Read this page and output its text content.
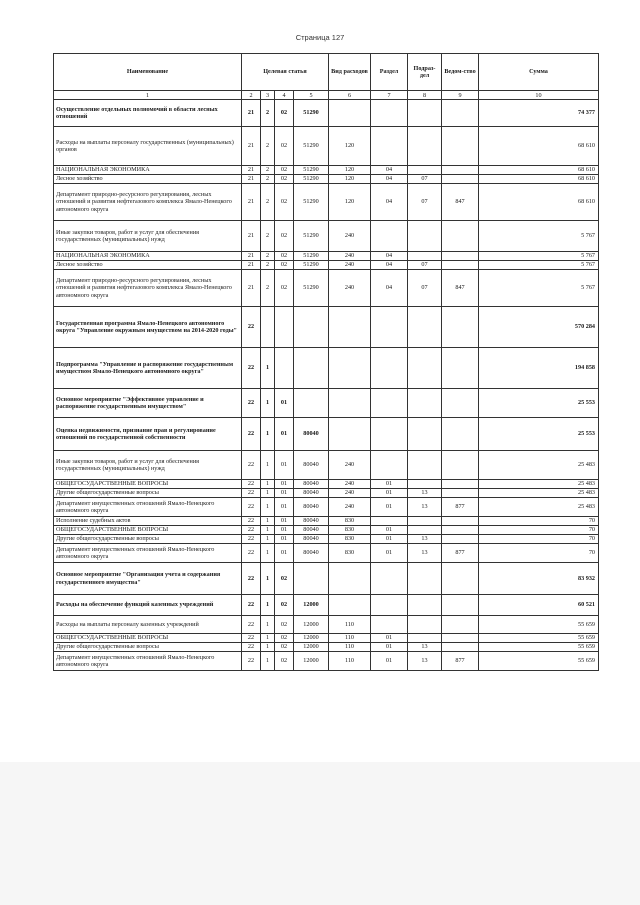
Страница 127
Наименование	Целевая статья				Вид расходов	Раздел	Подраз-дел	Ведом-ство	Сумма
1	2	3	4	5	6	7	8	9	10
Осуществление отдельных полномочий в области лесных отношений	21	2	02	51290					74 377
Расходы на выплаты персоналу государственных (муниципальных) органов	21	2	02	51290	120				68 610
НАЦИОНАЛЬНАЯ ЭКОНОМИКА	21	2	02	51290	120	04			68 610
Лесное хозяйство	21	2	02	51290	120	04	07		68 610
Департамент природно-ресурсного регулирования, лесных отношений и развития нефтегазового комплекса Ямало-Ненецкого автономного округа	21	2	02	51290	120	04	07	847	68 610
Иные закупки товаров, работ и услуг для обеспечения государственных (муниципальных) нужд	21	2	02	51290	240				5 767
НАЦИОНАЛЬНАЯ ЭКОНОМИКА	21	2	02	51290	240	04			5 767
Лесное хозяйство	21	2	02	51290	240	04	07		5 767
Департамент природно-ресурсного регулирования, лесных отношений и развития нефтегазового комплекса Ямало-Ненецкого автономного округа	21	2	02	51290	240	04	07	847	5 767
Государственная программа Ямало-Ненецкого автономного округа "Управление окружным имуществом на 2014-2020 годы"	22								570 284
Подпрограмма "Управление и распоряжение государственным имуществом Ямало-Ненецкого автономного округа"	22	1							194 858
Основное мероприятие "Эффективное управление и распоряжение государственным имуществом"	22	1	01						25 553
Оценка недвижимости, признание прав и регулирование отношений по государственной собственности	22	1	01	80040					25 553
Иные закупки товаров, работ и услуг для обеспечения государственных (муниципальных) нужд	22	1	01	80040	240				25 483
ОБЩЕГОСУДАРСТВЕННЫЕ ВОПРОСЫ	22	1	01	80040	240	01			25 483
Другие общегосударственные вопросы	22	1	01	80040	240	01	13		25 483
Департамент имущественных отношений Ямало-Ненецкого автономного округа	22	1	01	80040	240	01	13	877	25 483
Исполнение судебных актов	22	1	01	80040	830				70
ОБЩЕГОСУДАРСТВЕННЫЕ ВОПРОСЫ	22	1	01	80040	830	01			70
Другие общегосударственные вопросы	22	1	01	80040	830	01	13		70
Департамент имущественных отношений Ямало-Ненецкого автономного округа	22	1	01	80040	830	01	13	877	70
Основное мероприятие "Организация учета и содержания государственного имущества"	22	1	02						83 932
Расходы на обеспечение функций казенных учреждений	22	1	02	12000					60 521
Расходы на выплаты персоналу казенных учреждений	22	1	02	12000	110				55 659
ОБЩЕГОСУДАРСТВЕННЫЕ ВОПРОСЫ	22	1	02	12000	110	01			55 659
Другие общегосударственные вопросы	22	1	02	12000	110	01	13		55 659
Департамент имущественных отношений Ямало-Ненецкого автономного округа	22	1	02	12000	110	01	13	877	55 659
